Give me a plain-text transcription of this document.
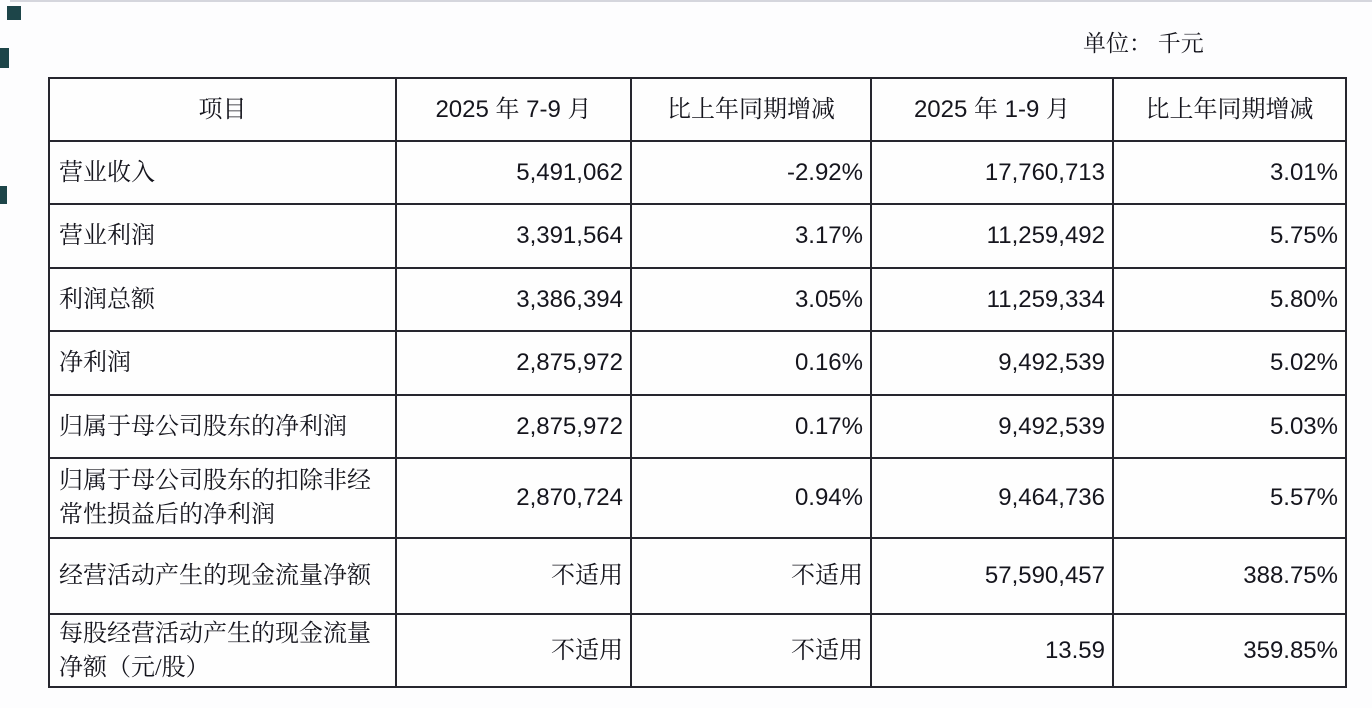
单位： 千元
项目	2025 年 7-9 月	比上年同期增减	2025 年 1-9 月	比上年同期增减
营业收入	5,491,062	-2.92%	17,760,713	3.01%
营业利润	3,391,564	3.17%	11,259,492	5.75%
利润总额	3,386,394	3.05%	11,259,334	5.80%
净利润	2,875,972	0.16%	9,492,539	5.02%
归属于母公司股东的净利润	2,875,972	0.17%	9,492,539	5.03%
归属于母公司股东的扣除非经常性损益后的净利润	2,870,724	0.94%	9,464,736	5.57%
经营活动产生的现金流量净额	不适用	不适用	57,590,457	388.75%
每股经营活动产生的现金流量净额（元/股）	不适用	不适用	13.59	359.85%
